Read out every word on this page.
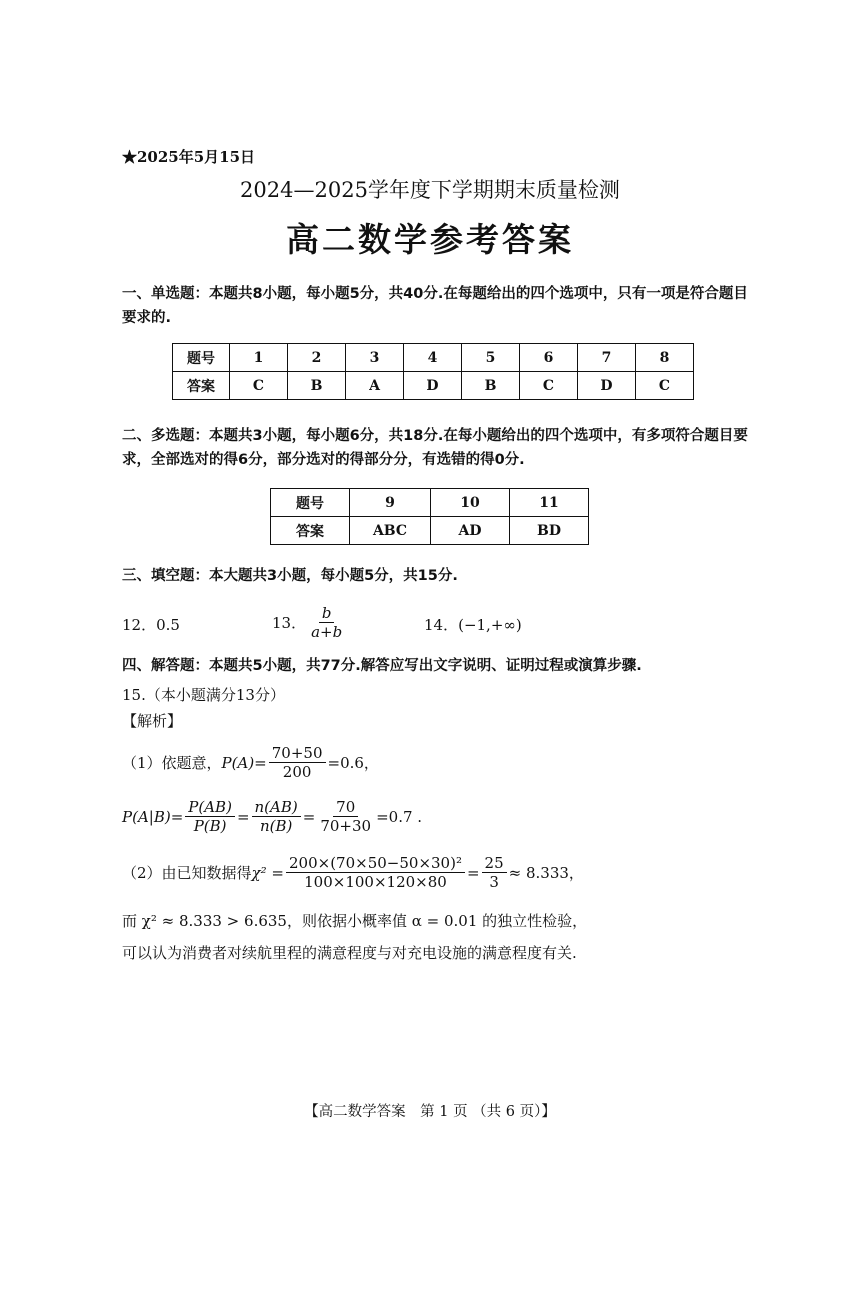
★2025年5月15日
2024—2025学年度下学期期末质量检测
高二数学参考答案
一、单选题：本题共8小题，每小题5分，共40分.在每题给出的四个选项中，只有一项是符合题目要求的.
题号	1	2	3	4	5	6	7	8
答案	C	B	A	D	B	C	D	C
二、多选题：本题共3小题，每小题6分，共18分.在每小题给出的四个选项中，有多项符合题目要求，全部选对的得6分，部分选对的得部分分，有选错的得0分.
题号	9	10	11
答案	ABC	AD	BD
三、填空题：本大题共3小题，每小题5分，共15分.
12．0.5	13． $\frac{b}{a+b}$	14．(−1,+∞)
四、解答题：本题共5小题，共77分.解答应写出文字说明、证明过程或演算步骤.
15.（本小题满分13分）
【解析】
（1）依题意， $P(A)= \frac{70+50}{200} =0.6$，
$P(A|B)= \frac{P(AB)}{P(B)} = \frac{n(AB)}{n(B)} = \frac{70}{70+30} =0.7$ .
（2）由已知数据得 $\chi^2 = \frac{\text{200×(70×50−50×30)²}}{100\times 100\times 120\times 80} = \frac{25}{3} \approx 8.333$，
而 χ² ≈ 8.333 > 6.635，则依据小概率值 α = 0.01 的独立性检验，
可以认为消费者对续航里程的满意程度与对充电设施的满意程度有关.
【高二数学答案　第 1 页 （共 6 页）】
